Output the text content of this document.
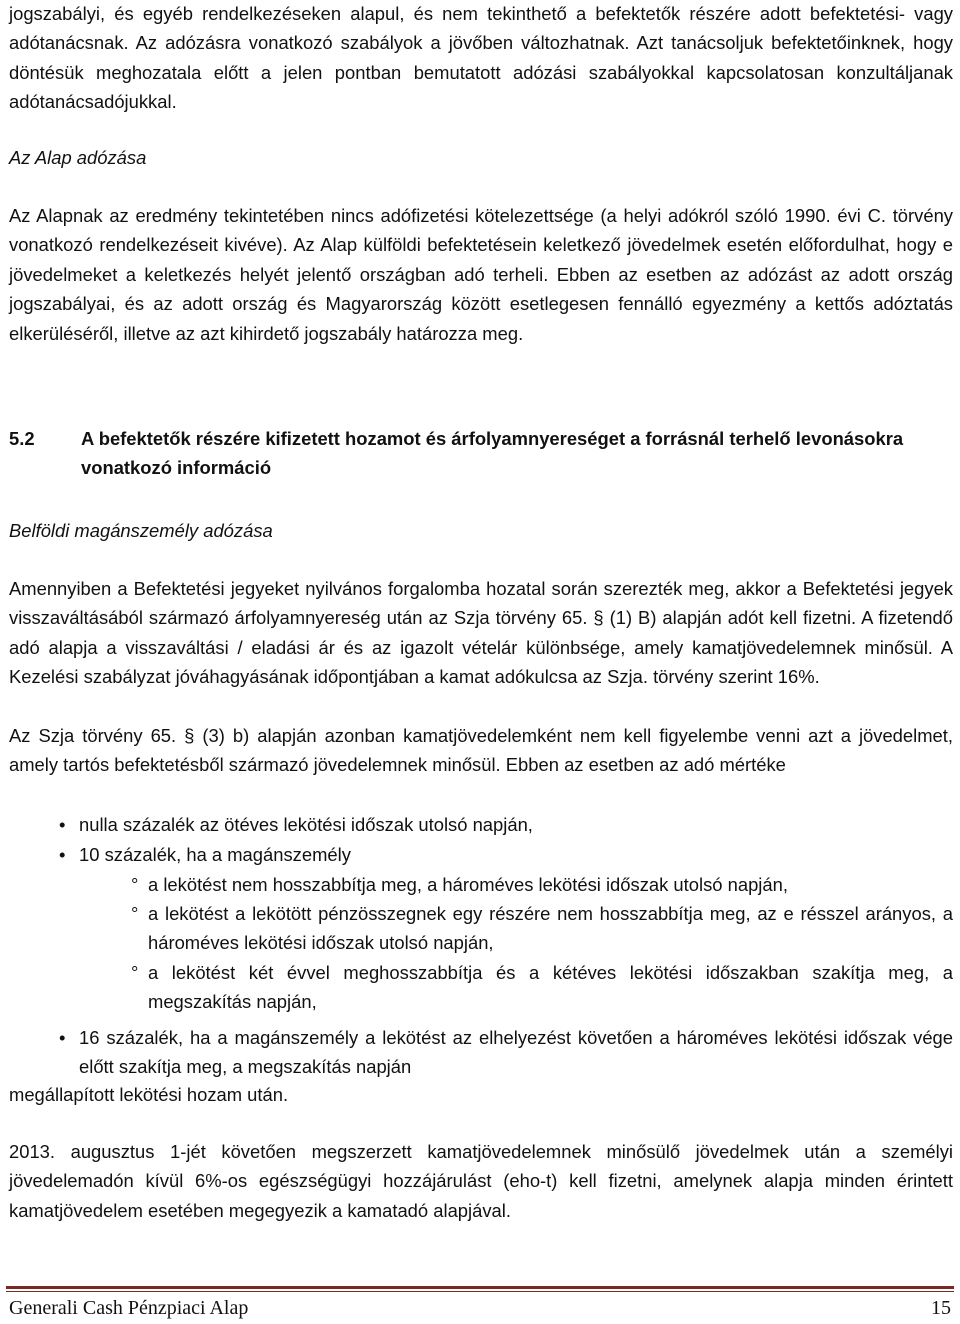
jogszabályi, és egyéb rendelkezéseken alapul, és nem tekinthető a befektetők részére adott befektetési- vagy adótanácsnak. Az adózásra vonatkozó szabályok a jövőben változhatnak. Azt tanácsoljuk befektetőinknek, hogy döntésük meghozatala előtt a jelen pontban bemutatott adózási szabályokkal kapcsolatosan konzultáljanak adótanácsadójukkal.

Az Alap adózása

Az Alapnak az eredmény tekintetében nincs adófizetési kötelezettsége (a helyi adókról szóló 1990. évi C. törvény vonatkozó rendelkezéseit kivéve). Az Alap külföldi befektetésein keletkező jövedelmek esetén előfordulhat, hogy e jövedelmeket a keletkezés helyét jelentő országban adó terheli. Ebben az esetben az adózást az adott ország jogszabályai, és az adott ország és Magyarország között esetlegesen fennálló egyezmény a kettős adóztatás elkerüléséről, illetve az azt kihirdető jogszabály határozza meg.

5.2	A befektetők részére kifizetett hozamot és árfolyamnyereséget a forrásnál terhelő levonásokra vonatkozó információ

Belföldi magánszemély adózása

Amennyiben a Befektetési jegyeket nyilvános forgalomba hozatal során szerezték meg, akkor a Befektetési jegyek visszaváltásából származó árfolyamnyereség után az Szja törvény 65. § (1) B) alapján adót kell fizetni. A fizetendő adó alapja a visszaváltási / eladási ár és az igazolt vételár különbsége, amely kamatjövedelemnek minősül. A Kezelési szabályzat jóváhagyásának időpontjában a kamat adókulcsa az Szja. törvény szerint 16%.

Az Szja törvény 65. § (3) b) alapján azonban kamatjövedelemként nem kell figyelembe venni azt a jövedelmet, amely tartós befektetésből származó jövedelemnek minősül. Ebben az esetben az adó mértéke

• nulla százalék az ötéves lekötési időszak utolsó napján,
• 10 százalék, ha a magánszemély
° a lekötést nem hosszabbítja meg, a hároméves lekötési időszak utolsó napján,
° a lekötést a lekötött pénzösszegnek egy részére nem hosszabbítja meg, az e résszel arányos, a hároméves lekötési időszak utolsó napján,
° a lekötést két évvel meghosszabbítja és a kétéves lekötési időszakban szakítja meg, a megszakítás napján,
• 16 százalék, ha a magánszemély a lekötést az elhelyezést követően a hároméves lekötési időszak vége előtt szakítja meg, a megszakítás napján

megállapított lekötési hozam után.

2013. augusztus 1-jét követően megszerzett kamatjövedelemnek minősülő jövedelmek után a személyi jövedelemadón kívül 6%-os egészségügyi hozzájárulást (eho-t) kell fizetni, amelynek alapja minden érintett kamatjövedelem esetében megegyezik a kamatadó alapjával.

Generali Cash Pénzpiaci Alap	15
